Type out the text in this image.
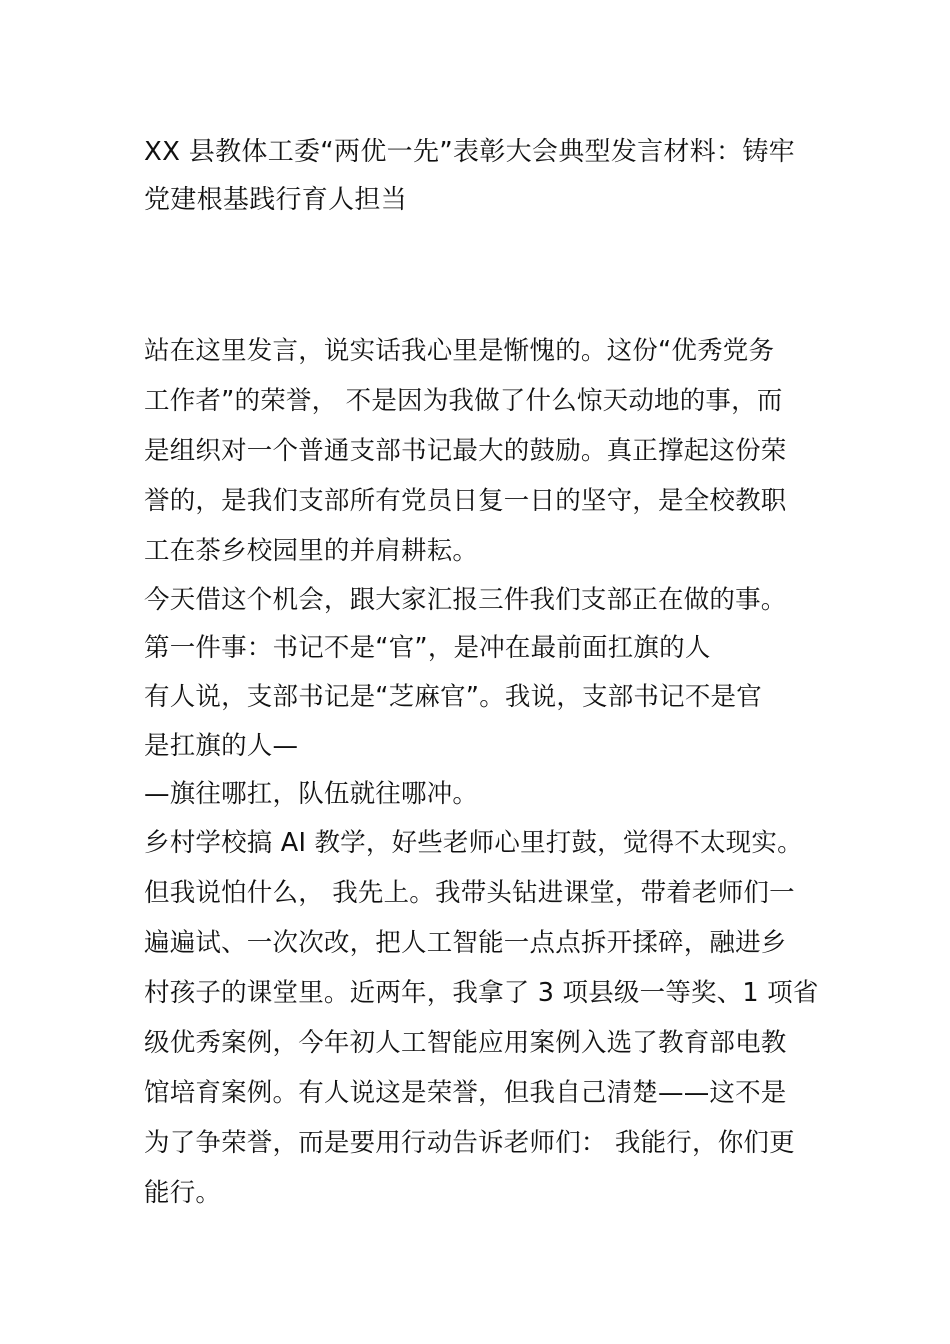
XX 县教体工委“两优一先”表彰大会典型发言材料：铸牢
党建根基践行育人担当
站在这里发言，说实话我心里是惭愧的。这份“优秀党务
工作者”的荣誉， 不是因为我做了什么惊天动地的事，而
是组织对一个普通支部书记最大的鼓励。真正撑起这份荣
誉的，是我们支部所有党员日复一日的坚守，是全校教职
工在茶乡校园里的并肩耕耘。
今天借这个机会，跟大家汇报三件我们支部正在做的事。
第一件事：书记不是“官”，是冲在最前面扛旗的人
有人说，支部书记是“芝麻官”。我说，支部书记不是官
是扛旗的人—
—旗往哪扛，队伍就往哪冲。
乡村学校搞 AI 教学，好些老师心里打鼓，觉得不太现实。
但我说怕什么， 我先上。我带头钻进课堂，带着老师们一
遍遍试、一次次改，把人工智能一点点拆开揉碎，融进乡
村孩子的课堂里。近两年，我拿了 3 项县级一等奖、1 项省
级优秀案例，今年初人工智能应用案例入选了教育部电教
馆培育案例。有人说这是荣誉，但我自己清楚——这不是
为了争荣誉，而是要用行动告诉老师们： 我能行，你们更
能行。
